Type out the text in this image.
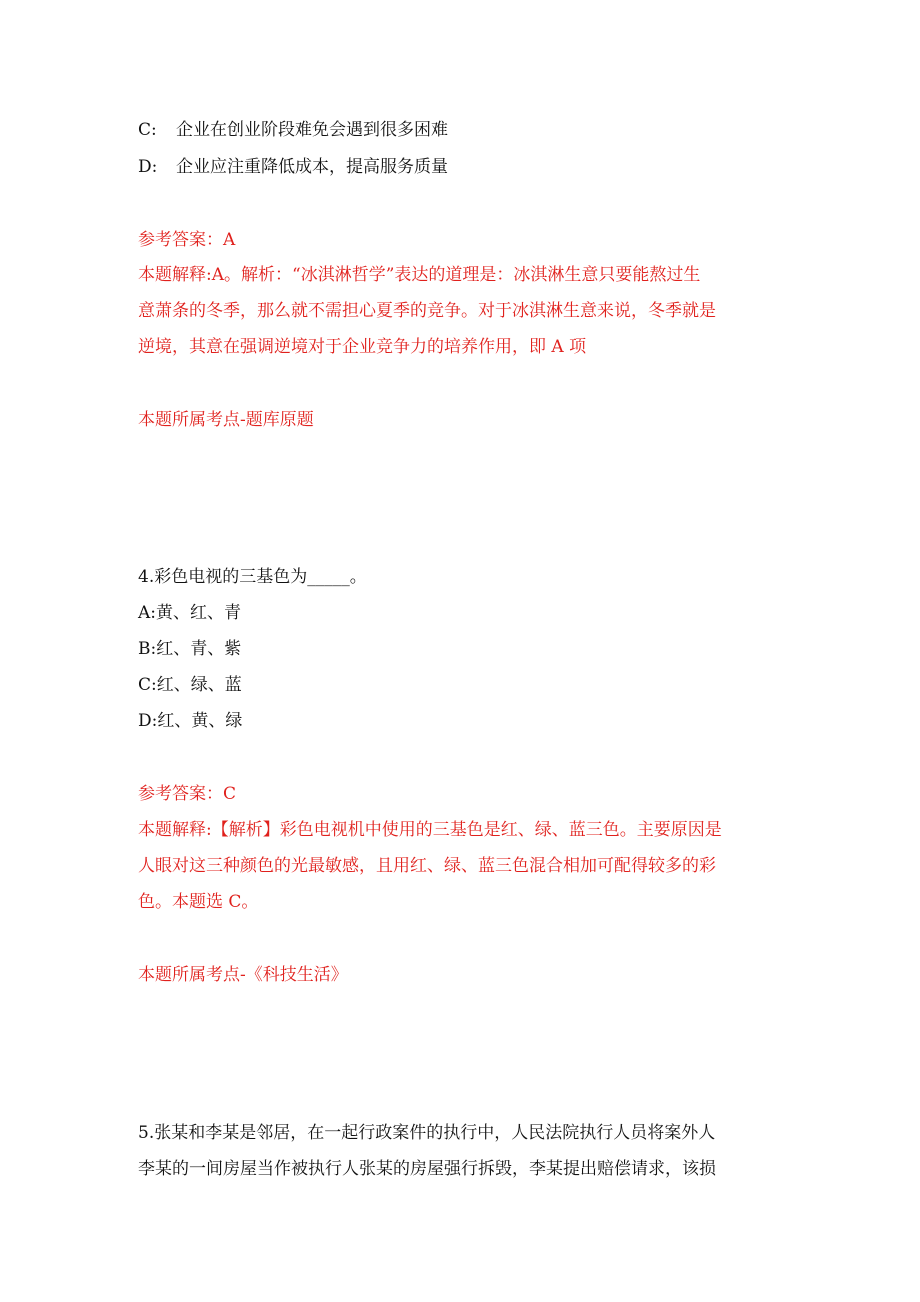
C: 企业在创业阶段难免会遇到很多困难
D: 企业应注重降低成本，提高服务质量
参考答案：A
本题解释:A。解析：“冰淇淋哲学”表达的道理是：冰淇淋生意只要能熬过生
意萧条的冬季，那么就不需担心夏季的竞争。对于冰淇淋生意来说，冬季就是
逆境，其意在强调逆境对于企业竞争力的培养作用，即 A 项
本题所属考点-题库原题
4.彩色电视的三基色为_____。
A:黄、红、青
B:红、青、紫
C:红、绿、蓝
D:红、黄、绿
参考答案：C
本题解释:【解析】彩色电视机中使用的三基色是红、绿、蓝三色。主要原因是
人眼对这三种颜色的光最敏感，且用红、绿、蓝三色混合相加可配得较多的彩
色。本题选 C。
本题所属考点-《科技生活》
5.张某和李某是邻居，在一起行政案件的执行中，人民法院执行人员将案外人
李某的一间房屋当作被执行人张某的房屋强行拆毁，李某提出赔偿请求，该损
